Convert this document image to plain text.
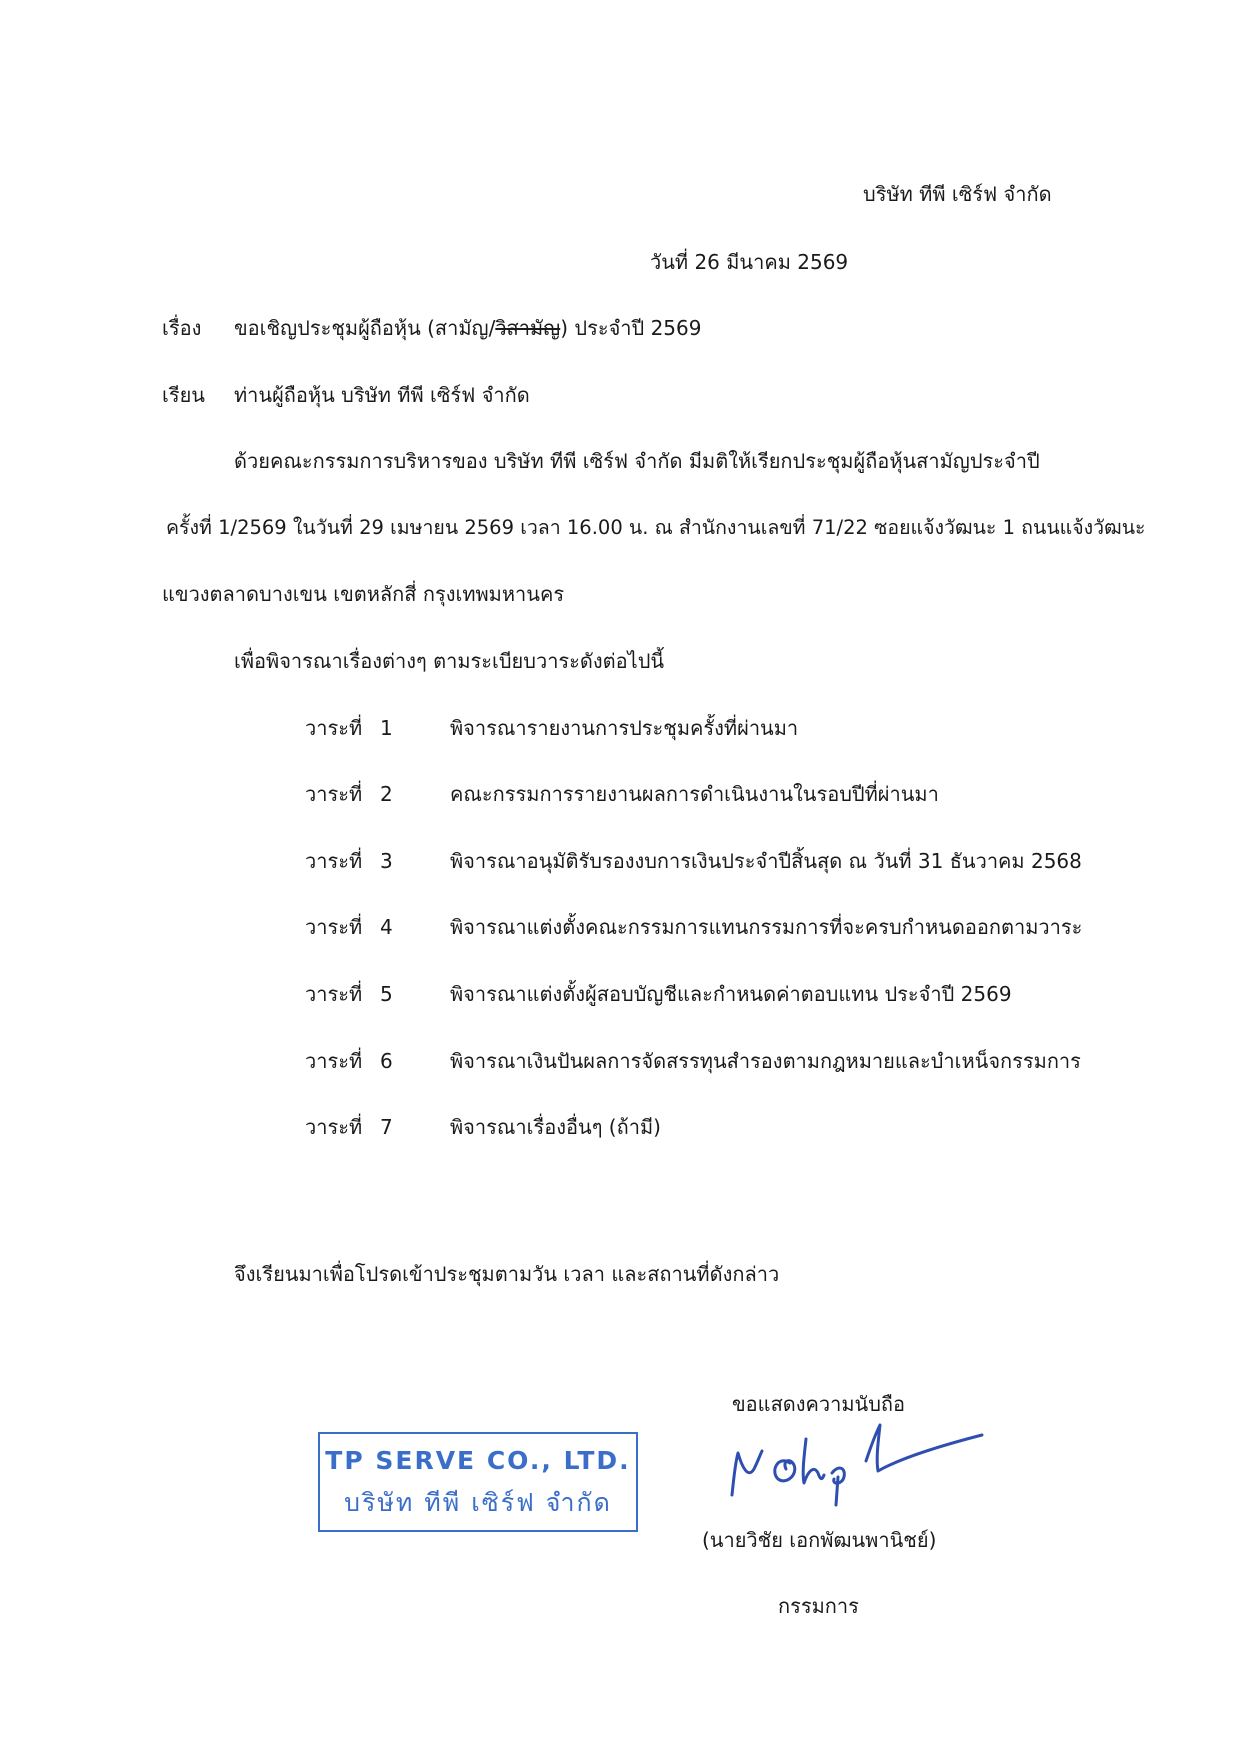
บริษัท ทีพี เซิร์ฟ จำกัด
วันที่ 26 มีนาคม 2569
เรื่อง ขอเชิญประชุมผู้ถือหุ้น (สามัญ/วิสามัญ) ประจำปี 2569
เรียน ท่านผู้ถือหุ้น บริษัท ทีพี เซิร์ฟ จำกัด
ด้วยคณะกรรมการบริหารของ บริษัท ทีพี เซิร์ฟ จำกัด มีมติให้เรียกประชุมผู้ถือหุ้นสามัญประจำปี
ครั้งที่ 1/2569 ในวันที่ 29 เมษายน 2569 เวลา 16.00 น. ณ สำนักงานเลขที่ 71/22 ซอยแจ้งวัฒนะ 1 ถนนแจ้งวัฒนะ
แขวงตลาดบางเขน เขตหลักสี่ กรุงเทพมหานคร
เพื่อพิจารณาเรื่องต่างๆ ตามระเบียบวาระดังต่อไปนี้
วาระที่ 1	พิจารณารายงานการประชุมครั้งที่ผ่านมา
วาระที่ 2	คณะกรรมการรายงานผลการดำเนินงานในรอบปีที่ผ่านมา
วาระที่ 3	พิจารณาอนุมัติรับรองงบการเงินประจำปีสิ้นสุด ณ วันที่ 31 ธันวาคม 2568
วาระที่ 4	พิจารณาแต่งตั้งคณะกรรมการแทนกรรมการที่จะครบกำหนดออกตามวาระ
วาระที่ 5	พิจารณาแต่งตั้งผู้สอบบัญชีและกำหนดค่าตอบแทน ประจำปี 2569
วาระที่ 6	พิจารณาเงินปันผลการจัดสรรทุนสำรองตามกฎหมายและบำเหน็จกรรมการ
วาระที่ 7	พิจารณาเรื่องอื่นๆ (ถ้ามี)
จึงเรียนมาเพื่อโปรดเข้าประชุมตามวัน เวลา และสถานที่ดังกล่าว
ขอแสดงความนับถือ
(นายวิชัย เอกพัฒนพานิชย์)
กรรมการ
TP SERVE CO., LTD.
บริษัท ทีพี เซิร์ฟ จำกัด
